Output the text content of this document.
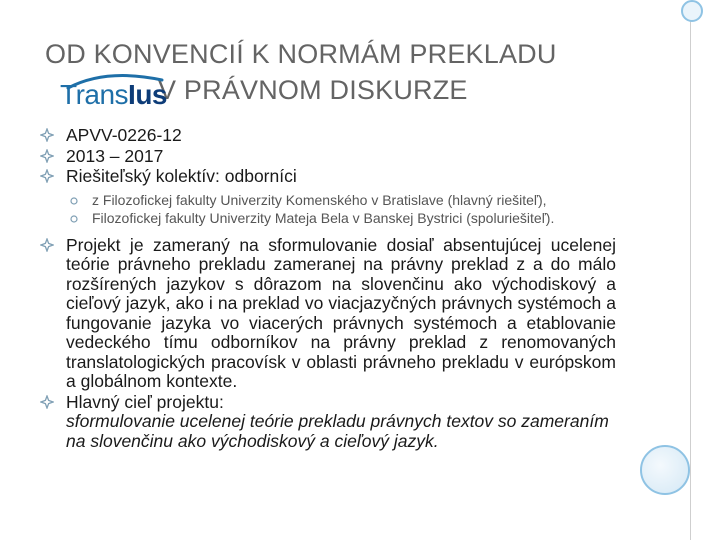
OD KONVENCIÍ K NORMÁM PREKLADU
V PRÁVNOM DISKURZE
TransIus
APVV-0226-12
2013 – 2017
Riešiteľský kolektív: odborníci
z Filozofickej fakulty Univerzity Komenského v Bratislave (hlavný riešiteľ),
Filozofickej fakulty Univerzity Mateja Bela v Banskej Bystrici (spoluriešiteľ).
Projekt je zameraný na sformulovanie dosiaľ absentujúcej ucelenej teórie právneho prekladu zameranej na právny preklad z a do málo rozšírených jazykov s dôrazom na slovenčinu ako východiskový a cieľový jazyk, ako i na preklad vo viacjazyčných právnych systémoch a fungovanie jazyka vo viacerých právnych systémoch a etablovanie vedeckého tímu odborníkov na právny preklad z renomovaných translatologických pracovísk v oblasti právneho prekladu v európskom a globálnom kontexte.
Hlavný cieľ projektu:
sformulovanie ucelenej teórie prekladu právnych textov so zameraním na slovenčinu ako východiskový a cieľový jazyk.
